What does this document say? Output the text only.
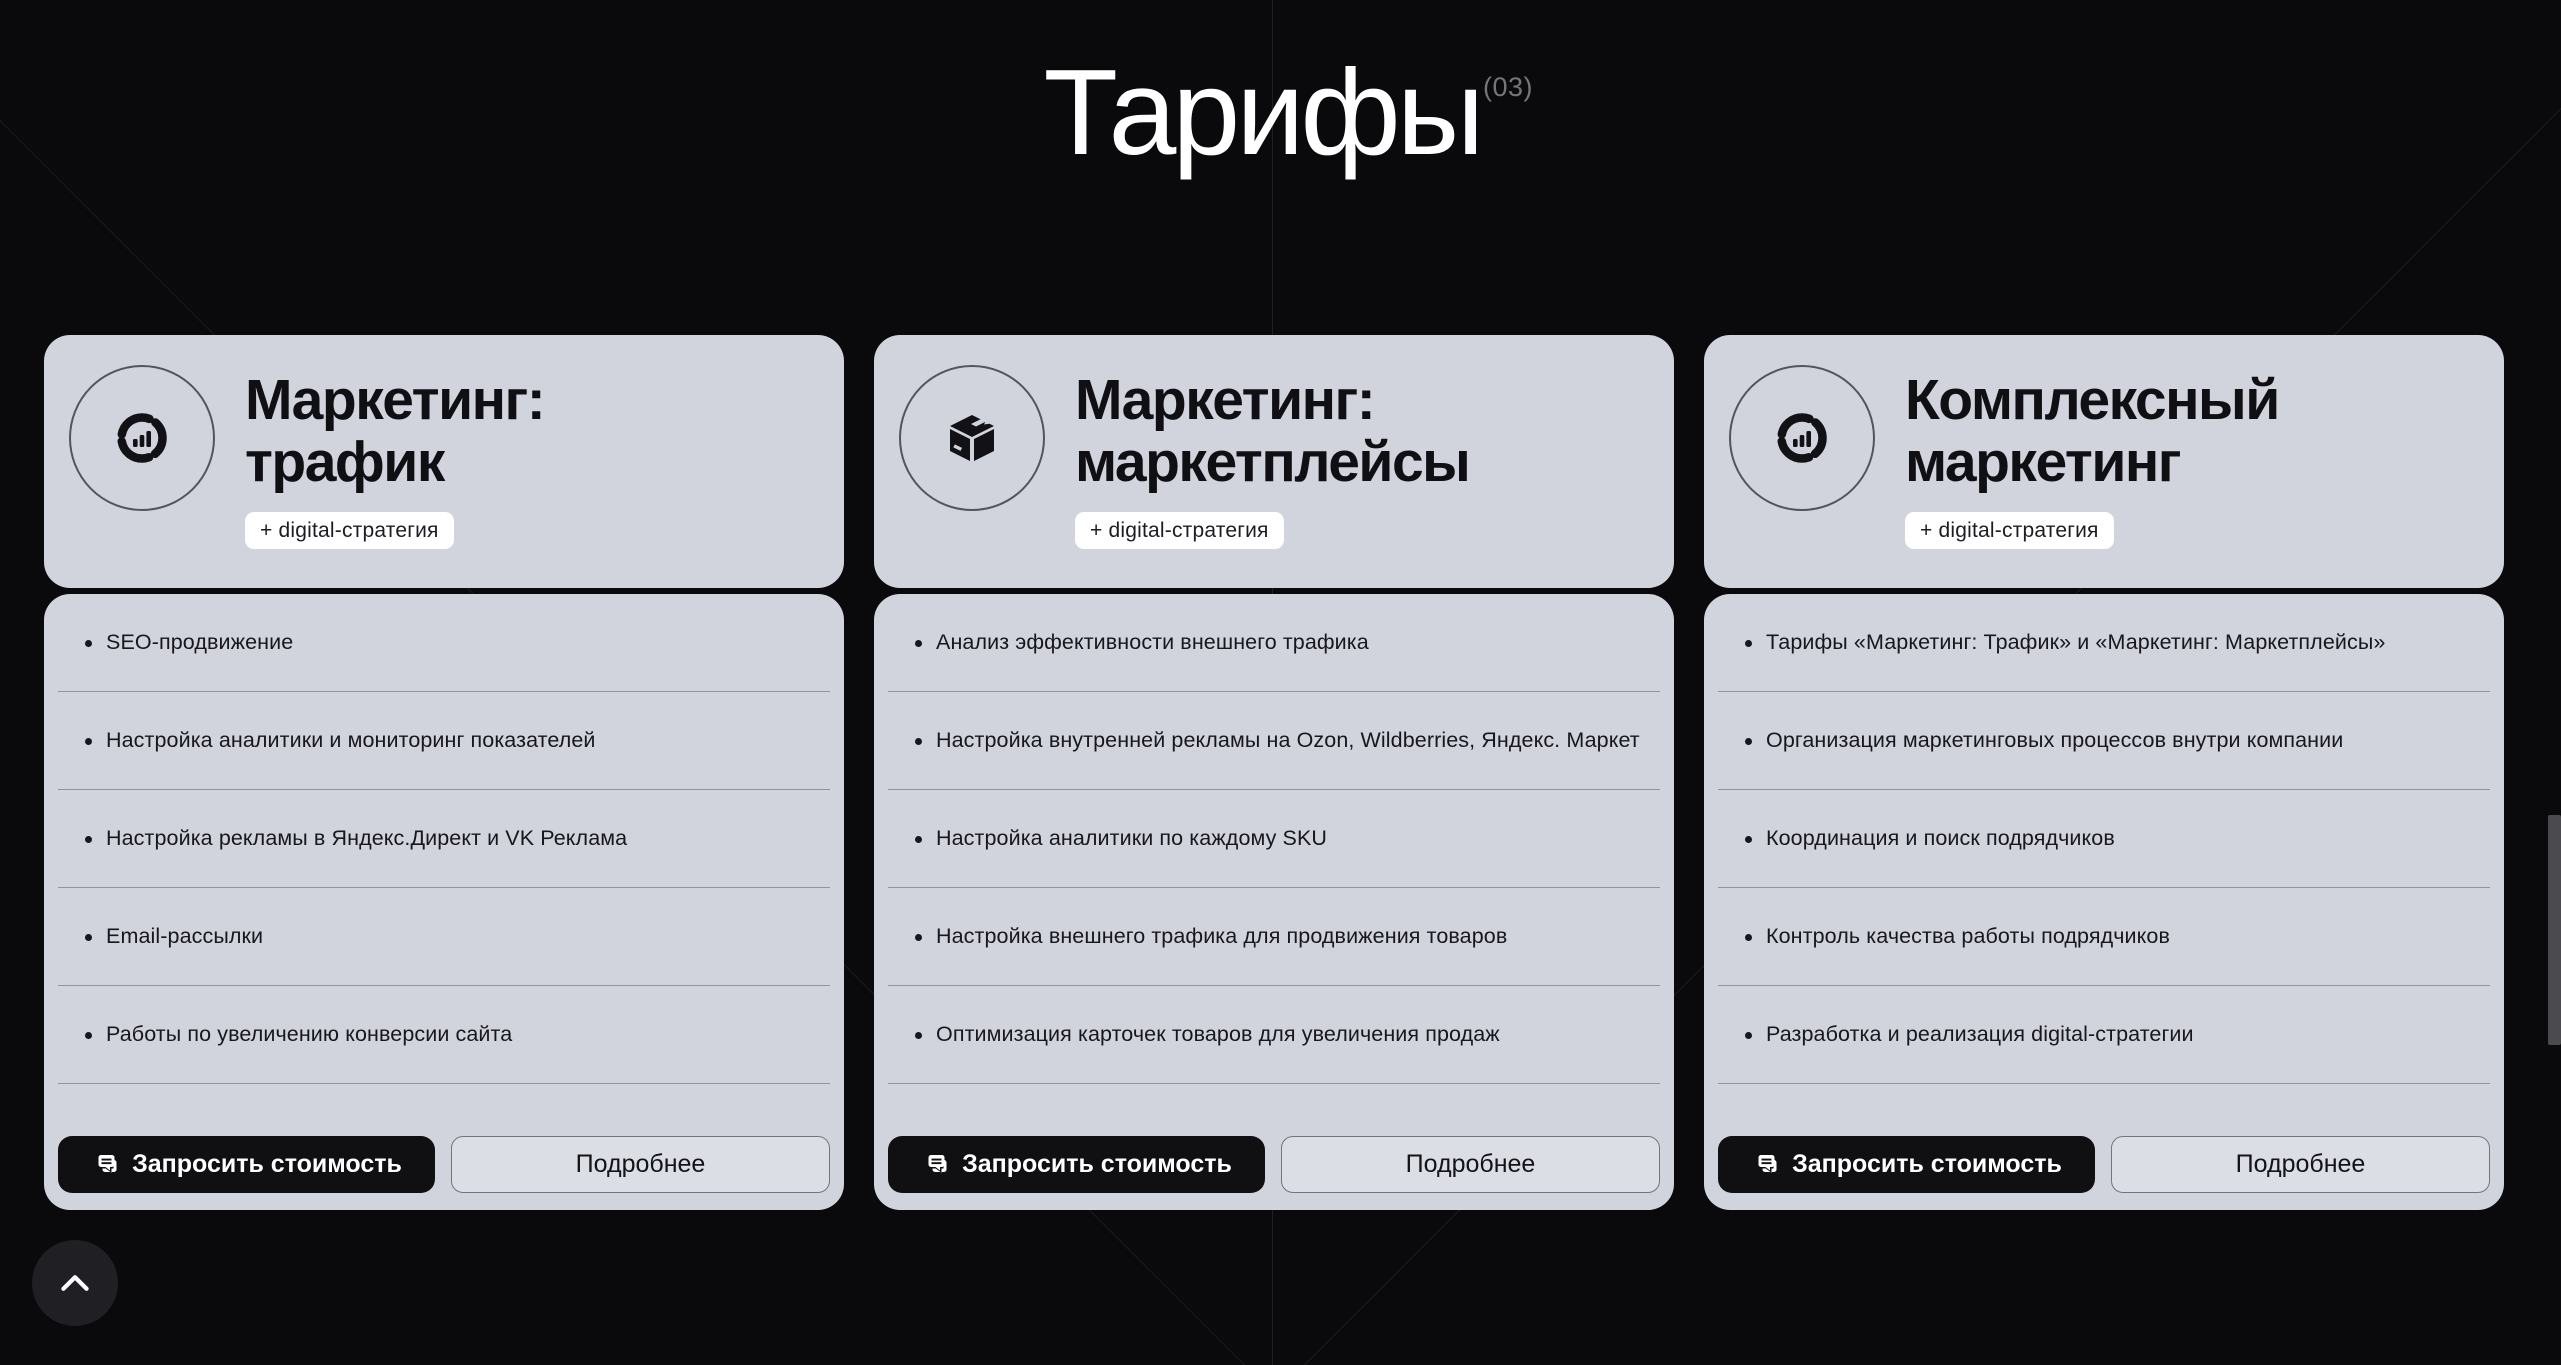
Тарифы (03)
Маркетинг:
трафик
+ digital-стратегия
SEO-продвижение
Настройка аналитики и мониторинг показателей
Настройка рекламы в Яндекс.Директ и VK Реклама
Email-рассылки
Работы по увеличению конверсии сайта
Запросить стоимость	Подробнее
Маркетинг:
маркетплейсы
+ digital-стратегия
Анализ эффективности внешнего трафика
Настройка внутренней рекламы на Ozon, Wildberries, Яндекс. Маркет
Настройка аналитики по каждому SKU
Настройка внешнего трафика для продвижения товаров
Оптимизация карточек товаров для увеличения продаж
Запросить стоимость	Подробнее
Комплексный
маркетинг
+ digital-стратегия
Тарифы «Маркетинг: Трафик» и «Маркетинг: Маркетплейсы»
Организация маркетинговых процессов внутри компании
Координация и поиск подрядчиков
Контроль качества работы подрядчиков
Разработка и реализация digital-стратегии
Запросить стоимость	Подробнее
